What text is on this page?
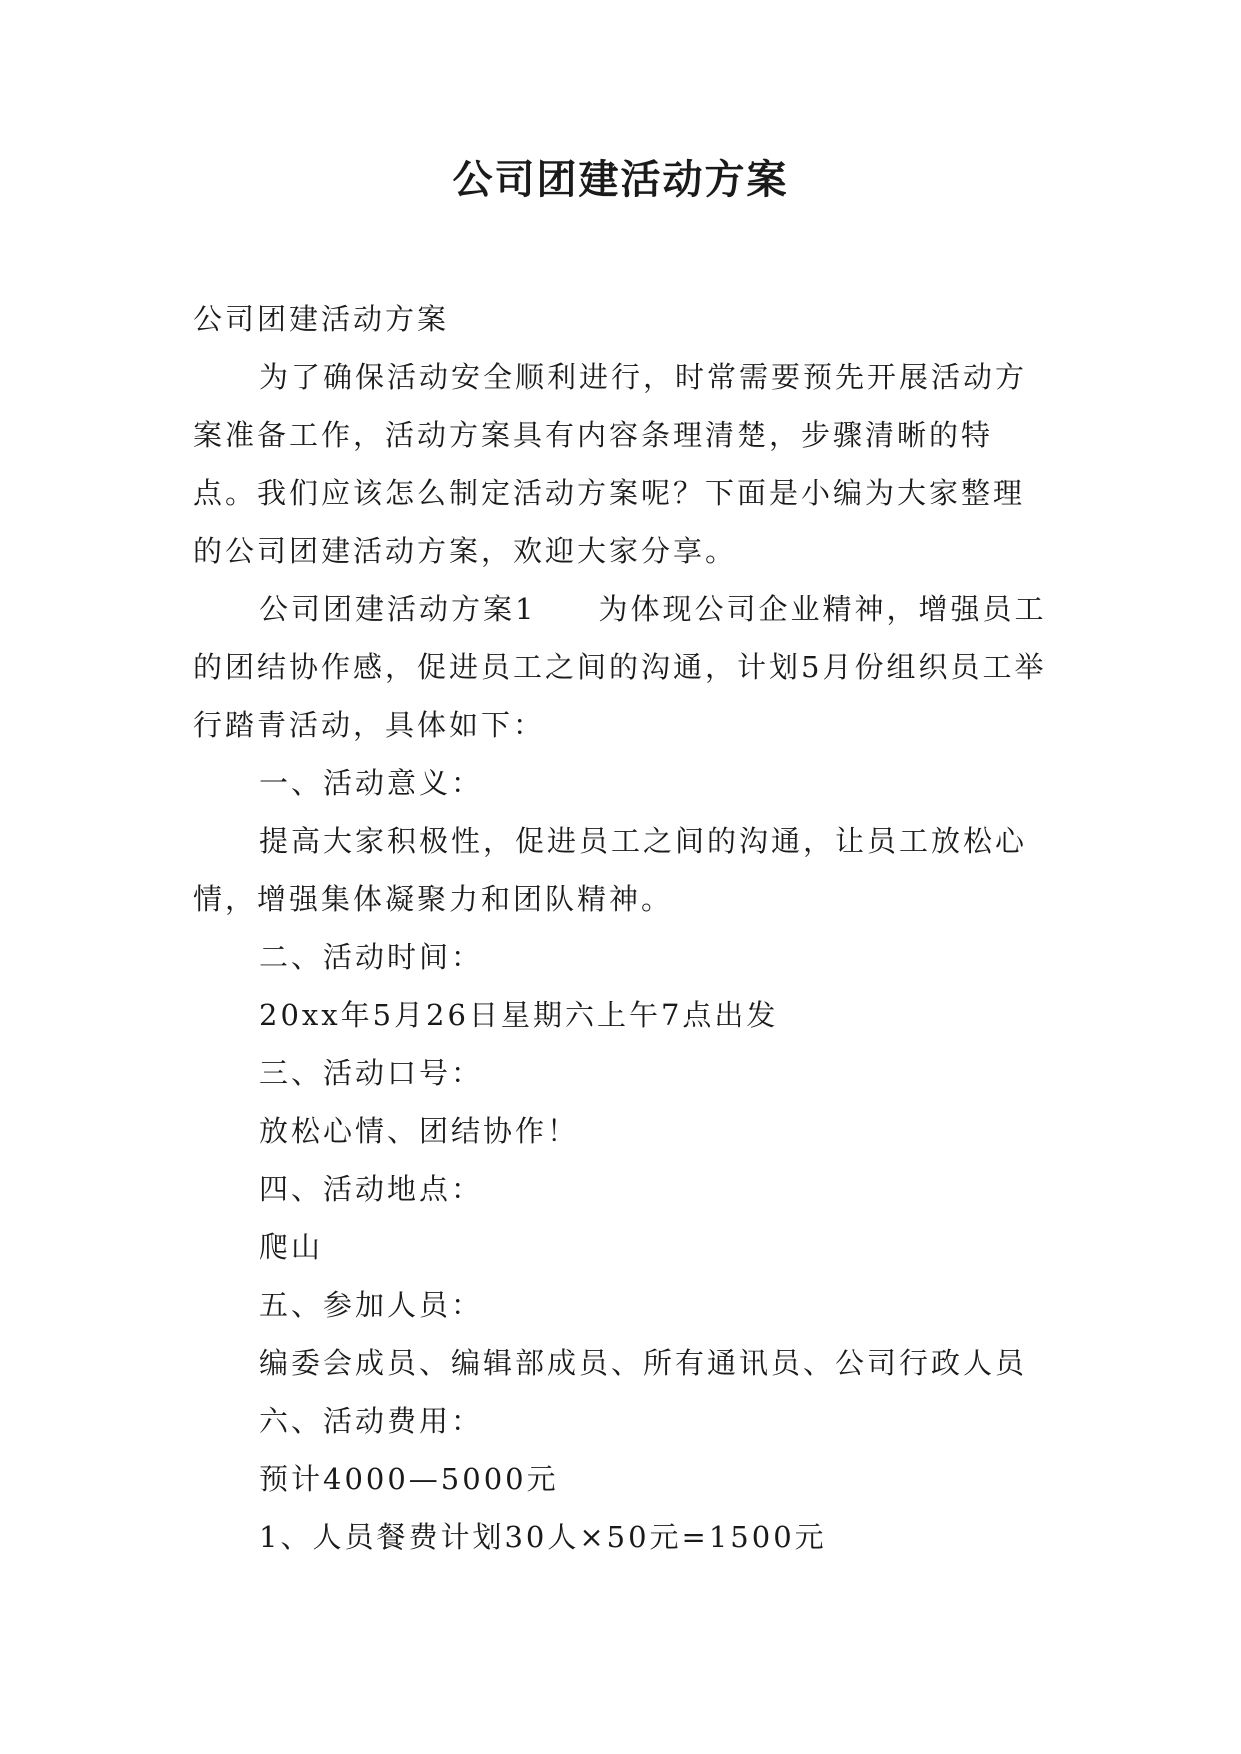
公司团建活动方案

公司团建活动方案

为了确保活动安全顺利进行，时常需要预先开展活动方案准备工作，活动方案具有内容条理清楚，步骤清晰的特点。我们应该怎么制定活动方案呢？下面是小编为大家整理的公司团建活动方案，欢迎大家分享。

公司团建活动方案1 为体现公司企业精神，增强员工的团结协作感，促进员工之间的沟通，计划5月份组织员工举行踏青活动，具体如下：

一、活动意义：

提高大家积极性，促进员工之间的沟通，让员工放松心情，增强集体凝聚力和团队精神。

二、活动时间：

20xx年5月26日星期六上午7点出发

三、活动口号：

放松心情、团结协作！

四、活动地点：

爬山

五、参加人员：

编委会成员、编辑部成员、所有通讯员、公司行政人员

六、活动费用：

预计4000—5000元

1、人员餐费计划30人×50元=1500元
